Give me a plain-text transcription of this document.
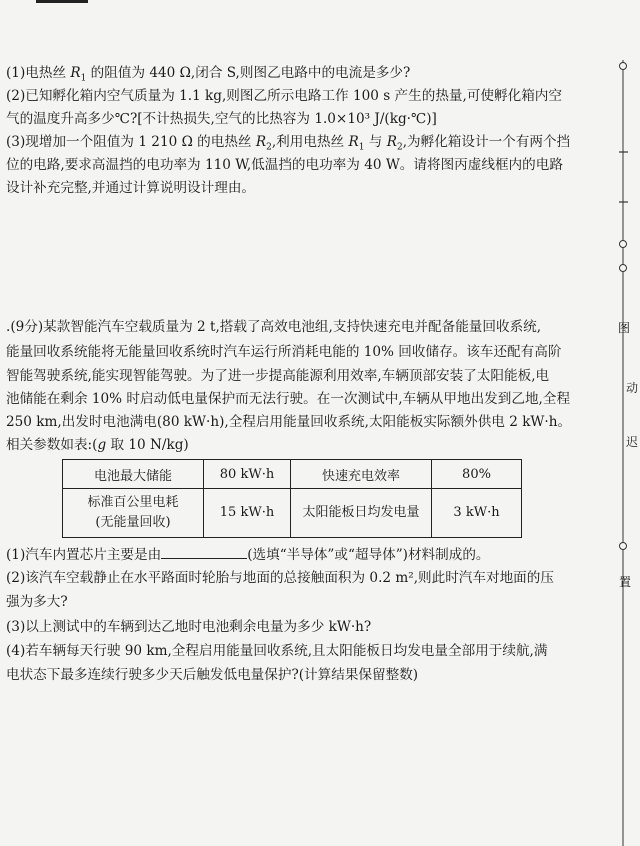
(1)电热丝 $R_1$ 的阻值为 440 Ω,闭合 S,则图乙电路中的电流是多少?
(2)已知孵化箱内空气质量为 1.1 kg,则图乙所示电路工作 100 s 产生的热量,可使孵化箱内空
气的温度升高多少℃?[不计热损失,空气的比热容为 1.0×10³ J/(kg·℃)]
(3)现增加一个阻值为 1 210 Ω 的电热丝 $R_2$,利用电热丝 $R_1$ 与 $R_2$,为孵化箱设计一个有两个挡
位的电路,要求高温挡的电功率为 110 W,低温挡的电功率为 40 W。请将图丙虚线框内的电路
设计补充完整,并通过计算说明设计理由。
.(9分)某款智能汽车空载质量为 2 t,搭载了高效电池组,支持快速充电并配备能量回收系统,
能量回收系统能将无能量回收系统时汽车运行所消耗电能的 10% 回收储存。该车还配有高阶
智能驾驶系统,能实现智能驾驶。为了进一步提高能源利用效率,车辆顶部安装了太阳能板,电
池储能在剩余 10% 时启动低电量保护而无法行驶。在一次测试中,车辆从甲地出发到乙地,全程
250 km,出发时电池满电(80 kW·h),全程启用能量回收系统,太阳能板实际额外供电 2 kW·h。
相关参数如表:(g 取 10 N/kg)
电池最大储能	80 kW·h	快速充电效率	80%

标准百公里电耗
(无能量回收)	15 kW·h	太阳能板日均发电量	3 kW·h
(1)汽车内置芯片主要是由	(选填“半导体”或“超导体”)材料制成的。
(2)该汽车空载静止在水平路面时轮胎与地面的总接触面积为 0.2 m²,则此时汽车对地面的压
强为多大?
(3)以上测试中的车辆到达乙地时电池剩余电量为多少 kW·h?
(4)若车辆每天行驶 90 km,全程启用能量回收系统,且太阳能板日均发电量全部用于续航,满
电状态下最多连续行驶多少天后触发低电量保护?(计算结果保留整数)
图
动
迟
置
